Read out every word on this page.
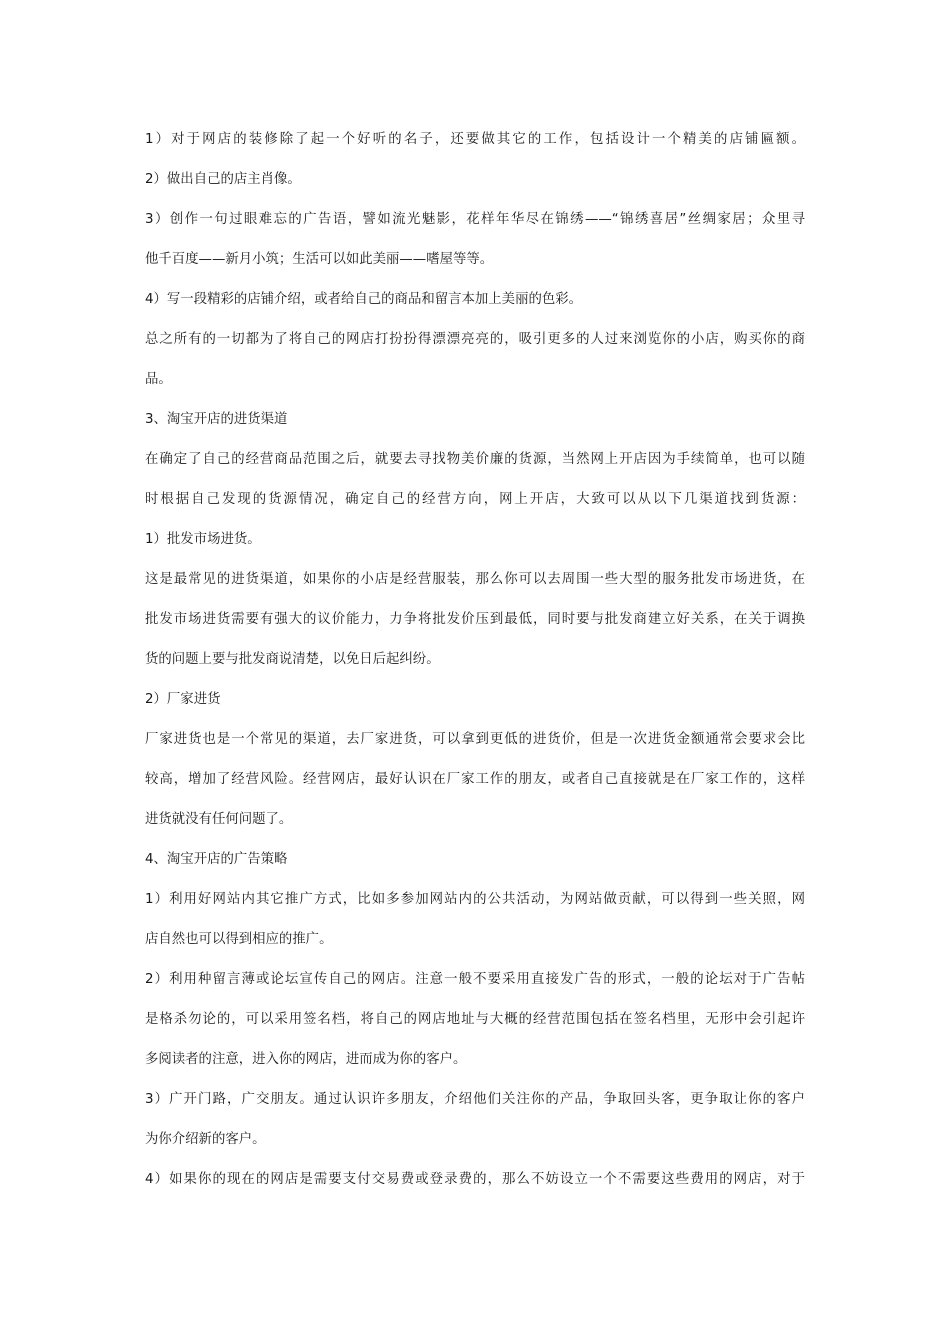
1）对于网店的装修除了起一个好听的名子，还要做其它的工作，包括设计一个精美的店铺匾额。
2）做出自己的店主肖像。
3）创作一句过眼难忘的广告语，譬如流光魅影，花样年华尽在锦绣——“锦绣喜居”丝绸家居；众里寻
他千百度——新月小筑；生活可以如此美丽——嗜屋等等。
4）写一段精彩的店铺介绍，或者给自己的商品和留言本加上美丽的色彩。
总之所有的一切都为了将自己的网店打扮扮得漂漂亮亮的，吸引更多的人过来浏览你的小店，购买你的商
品。
3、淘宝开店的进货渠道
在确定了自己的经营商品范围之后，就要去寻找物美价廉的货源，当然网上开店因为手续简单，也可以随
时根据自己发现的货源情况，确定自己的经营方向，网上开店，大致可以从以下几渠道找到货源：
1）批发市场进货。
这是最常见的进货渠道，如果你的小店是经营服装，那么你可以去周围一些大型的服务批发市场进货，在
批发市场进货需要有强大的议价能力，力争将批发价压到最低，同时要与批发商建立好关系，在关于调换
货的问题上要与批发商说清楚，以免日后起纠纷。
2）厂家进货
厂家进货也是一个常见的渠道，去厂家进货，可以拿到更低的进货价，但是一次进货金额通常会要求会比
较高，增加了经营风险。经营网店，最好认识在厂家工作的朋友，或者自己直接就是在厂家工作的，这样
进货就没有任何问题了。
4、淘宝开店的广告策略
1）利用好网站内其它推广方式，比如多参加网站内的公共活动，为网站做贡献，可以得到一些关照，网
店自然也可以得到相应的推广。
2）利用种留言薄或论坛宣传自己的网店。注意一般不要采用直接发广告的形式，一般的论坛对于广告帖
是格杀勿论的，可以采用签名档，将自己的网店地址与大概的经营范围包括在签名档里，无形中会引起许
多阅读者的注意，进入你的网店，进而成为你的客户。
3）广开门路，广交朋友。通过认识许多朋友，介绍他们关注你的产品，争取回头客，更争取让你的客户
为你介绍新的客户。
4）如果你的现在的网店是需要支付交易费或登录费的，那么不妨设立一个不需要这些费用的网店，对于
